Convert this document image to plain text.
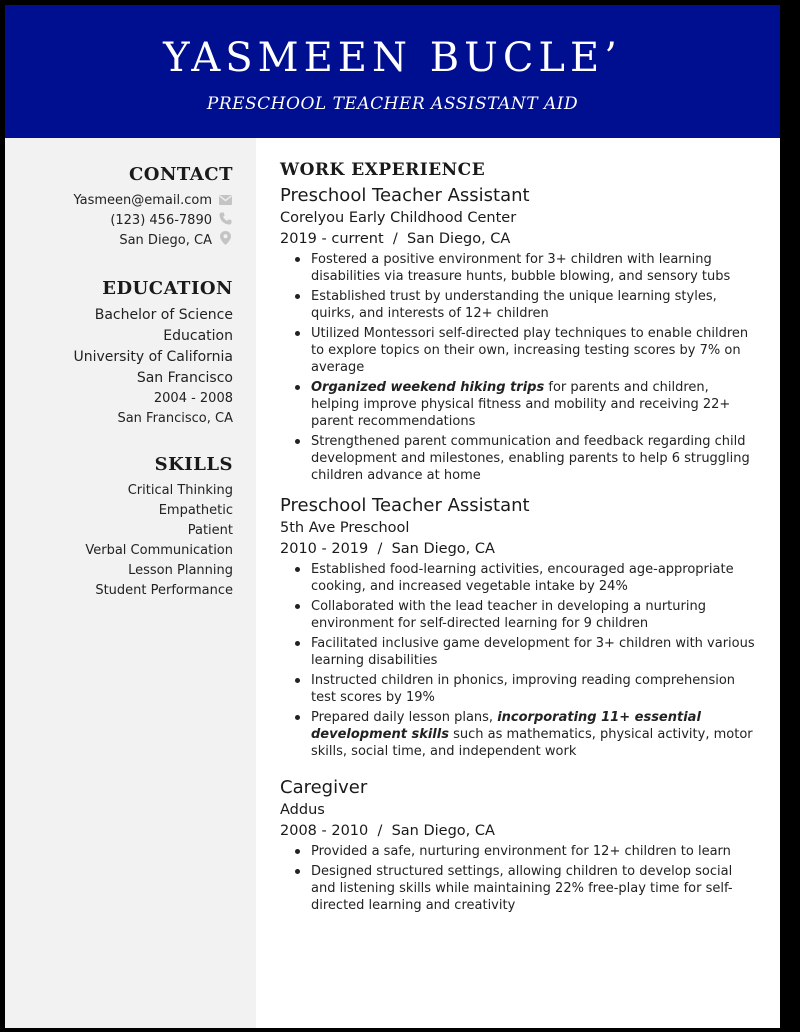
YASMEEN BUCLE’
PRESCHOOL TEACHER ASSISTANT AID
CONTACT
Yasmeen@email.com
(123) 456-7890
San Diego, CA
EDUCATION
Bachelor of Science
Education
University of California
San Francisco
2004 - 2008
San Francisco, CA
SKILLS
Critical Thinking
Empathetic
Patient
Verbal Communication
Lesson Planning
Student Performance
WORK EXPERIENCE
Preschool Teacher Assistant
Corelyou Early Childhood Center
2019 - current / San Diego, CA
Fostered a positive environment for 3+ children with learning disabilities via treasure hunts, bubble blowing, and sensory tubs
Established trust by understanding the unique learning styles, quirks, and interests of 12+ children
Utilized Montessori self-directed play techniques to enable children to explore topics on their own, increasing testing scores by 7% on average
Organized weekend hiking trips for parents and children, helping improve physical fitness and mobility and receiving 22+ parent recommendations
Strengthened parent communication and feedback regarding child development and milestones, enabling parents to help 6 struggling children advance at home
Preschool Teacher Assistant
5th Ave Preschool
2010 - 2019 / San Diego, CA
Established food-learning activities, encouraged age-appropriate cooking, and increased vegetable intake by 24%
Collaborated with the lead teacher in developing a nurturing environment for self-directed learning for 9 children
Facilitated inclusive game development for 3+ children with various learning disabilities
Instructed children in phonics, improving reading comprehension test scores by 19%
Prepared daily lesson plans, incorporating 11+ essential development skills such as mathematics, physical activity, motor skills, social time, and independent work
Caregiver
Addus
2008 - 2010 / San Diego, CA
Provided a safe, nurturing environment for 12+ children to learn
Designed structured settings, allowing children to develop social and listening skills while maintaining 22% free-play time for self-directed learning and creativity
